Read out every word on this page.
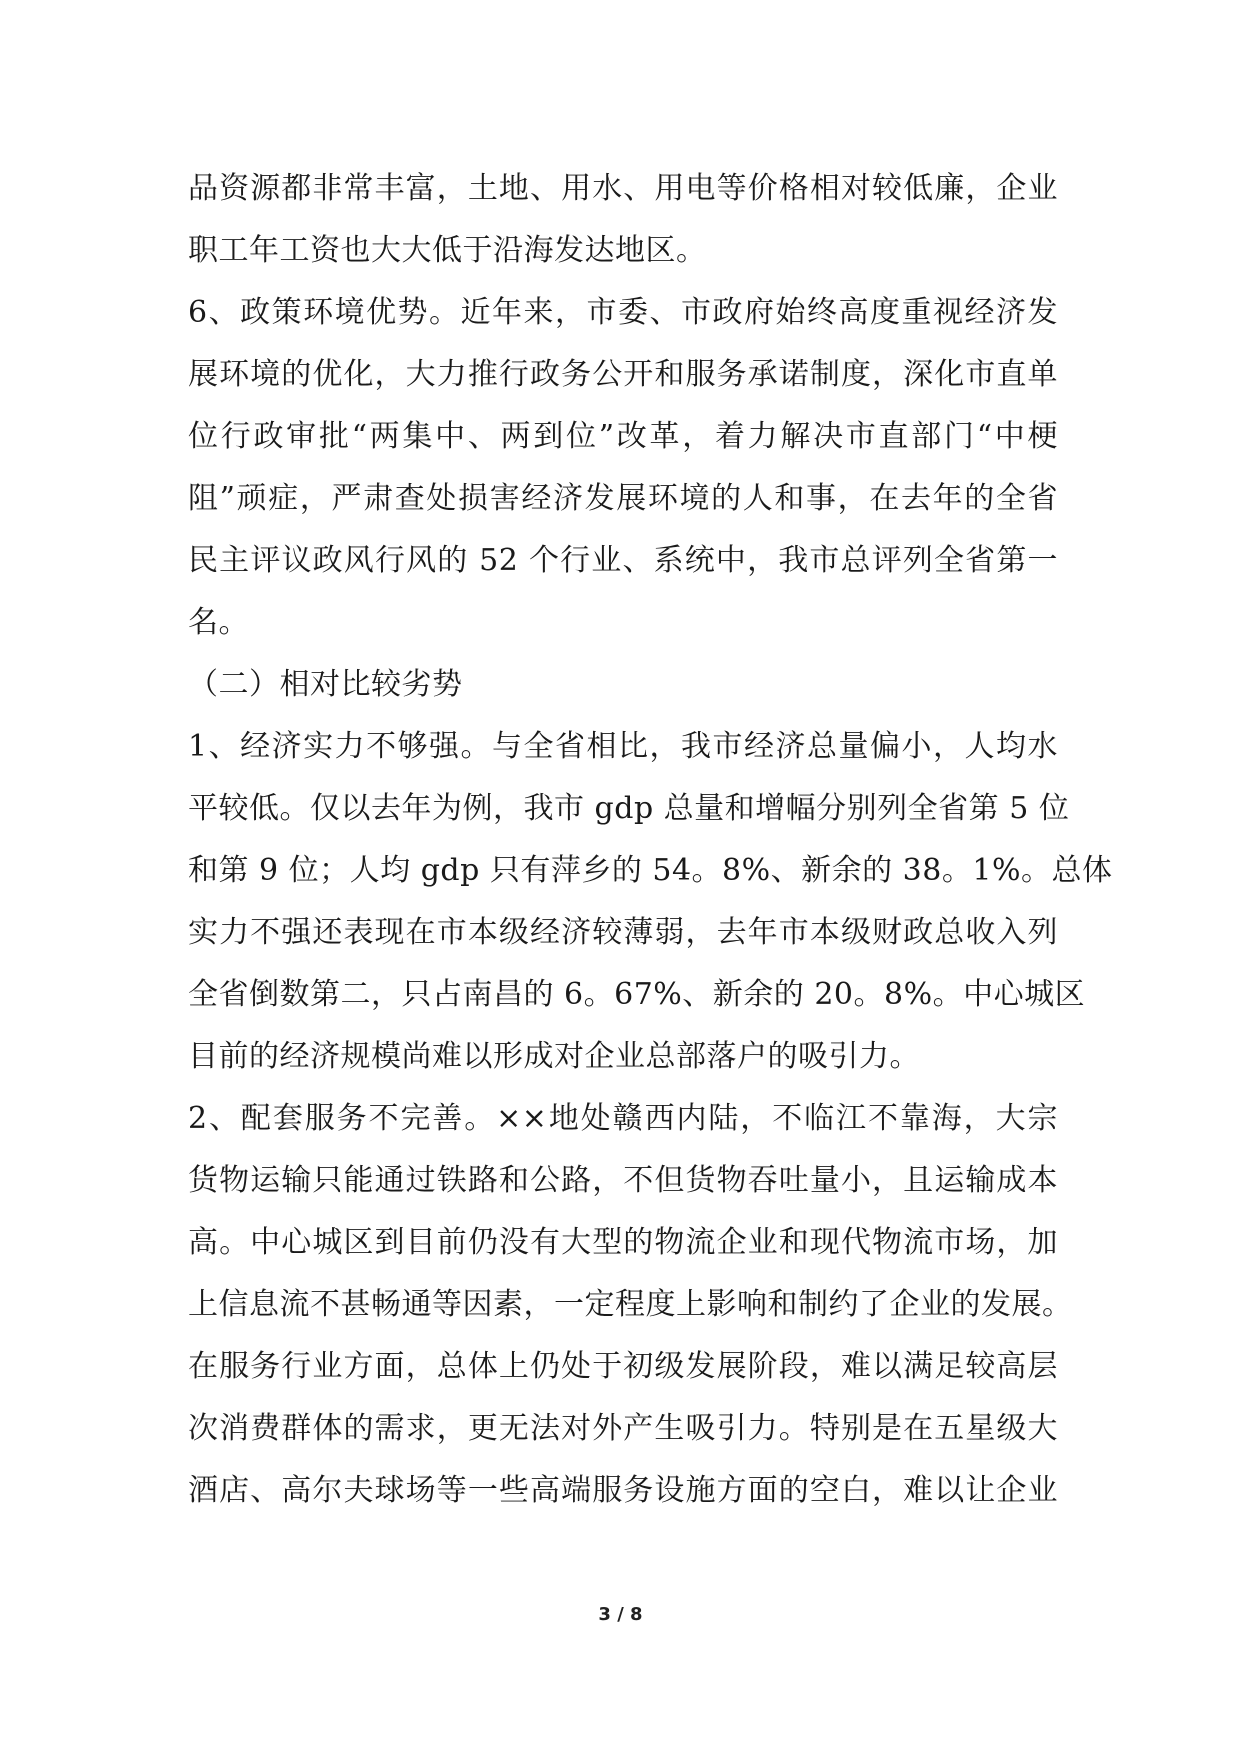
品资源都非常丰富，土地、用水、用电等价格相对较低廉，企业
职工年工资也大大低于沿海发达地区。
6、政策环境优势。近年来，市委、市政府始终高度重视经济发
展环境的优化，大力推行政务公开和服务承诺制度，深化市直单
位行政审批“两集中、两到位”改革，着力解决市直部门“中梗
阻”顽症，严肃查处损害经济发展环境的人和事，在去年的全省
民主评议政风行风的 52 个行业、系统中，我市总评列全省第一
名。
（二）相对比较劣势
1、经济实力不够强。与全省相比，我市经济总量偏小，人均水
平较低。仅以去年为例，我市 gdp 总量和增幅分别列全省第 5 位
和第 9 位；人均 gdp 只有萍乡的 54。8%、新余的 38。1%。总体
实力不强还表现在市本级经济较薄弱，去年市本级财政总收入列
全省倒数第二，只占南昌的 6。67%、新余的 20。8%。中心城区
目前的经济规模尚难以形成对企业总部落户的吸引力。
2、配套服务不完善。××地处赣西内陆，不临江不靠海，大宗
货物运输只能通过铁路和公路，不但货物吞吐量小，且运输成本
高。中心城区到目前仍没有大型的物流企业和现代物流市场，加
上信息流不甚畅通等因素，一定程度上影响和制约了企业的发展。
在服务行业方面，总体上仍处于初级发展阶段，难以满足较高层
次消费群体的需求，更无法对外产生吸引力。特别是在五星级大
酒店、高尔夫球场等一些高端服务设施方面的空白，难以让企业
3 / 8
